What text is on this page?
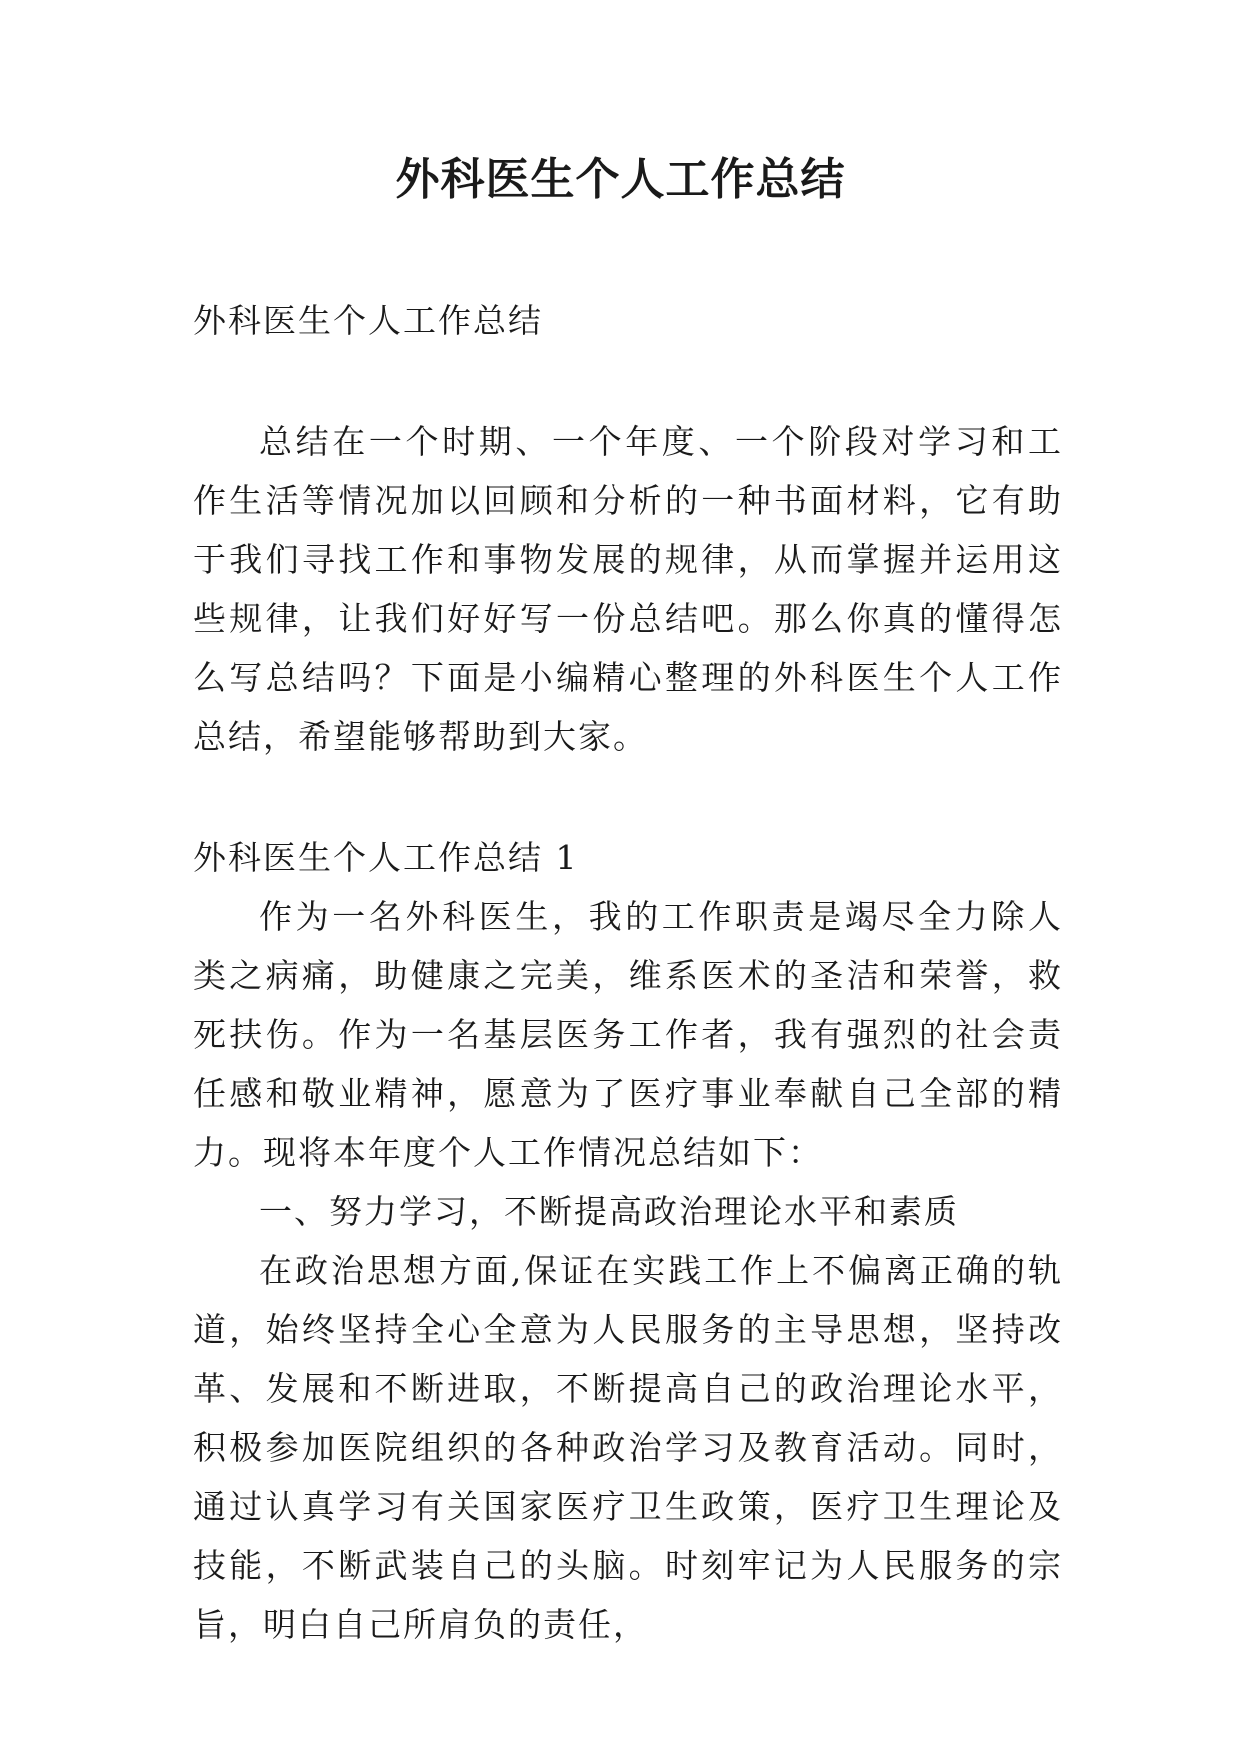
外科医生个人工作总结

外科医生个人工作总结

总结在一个时期、一个年度、一个阶段对学习和工作生活等情况加以回顾和分析的一种书面材料，它有助于我们寻找工作和事物发展的规律，从而掌握并运用这些规律，让我们好好写一份总结吧。那么你真的懂得怎么写总结吗？下面是小编精心整理的外科医生个人工作总结，希望能够帮助到大家。

外科医生个人工作总结 1

作为一名外科医生，我的工作职责是竭尽全力除人类之病痛，助健康之完美，维系医术的圣洁和荣誉，救死扶伤。作为一名基层医务工作者，我有强烈的社会责任感和敬业精神，愿意为了医疗事业奉献自己全部的精力。现将本年度个人工作情况总结如下：

一、努力学习，不断提高政治理论水平和素质

在政治思想方面,保证在实践工作上不偏离正确的轨道，始终坚持全心全意为人民服务的主导思想，坚持改革、发展和不断进取，不断提高自己的政治理论水平，积极参加医院组织的各种政治学习及教育活动。同时，通过认真学习有关国家医疗卫生政策，医疗卫生理论及技能，不断武装自己的头脑。时刻牢记为人民服务的宗旨，明白自己所肩负的责任，
